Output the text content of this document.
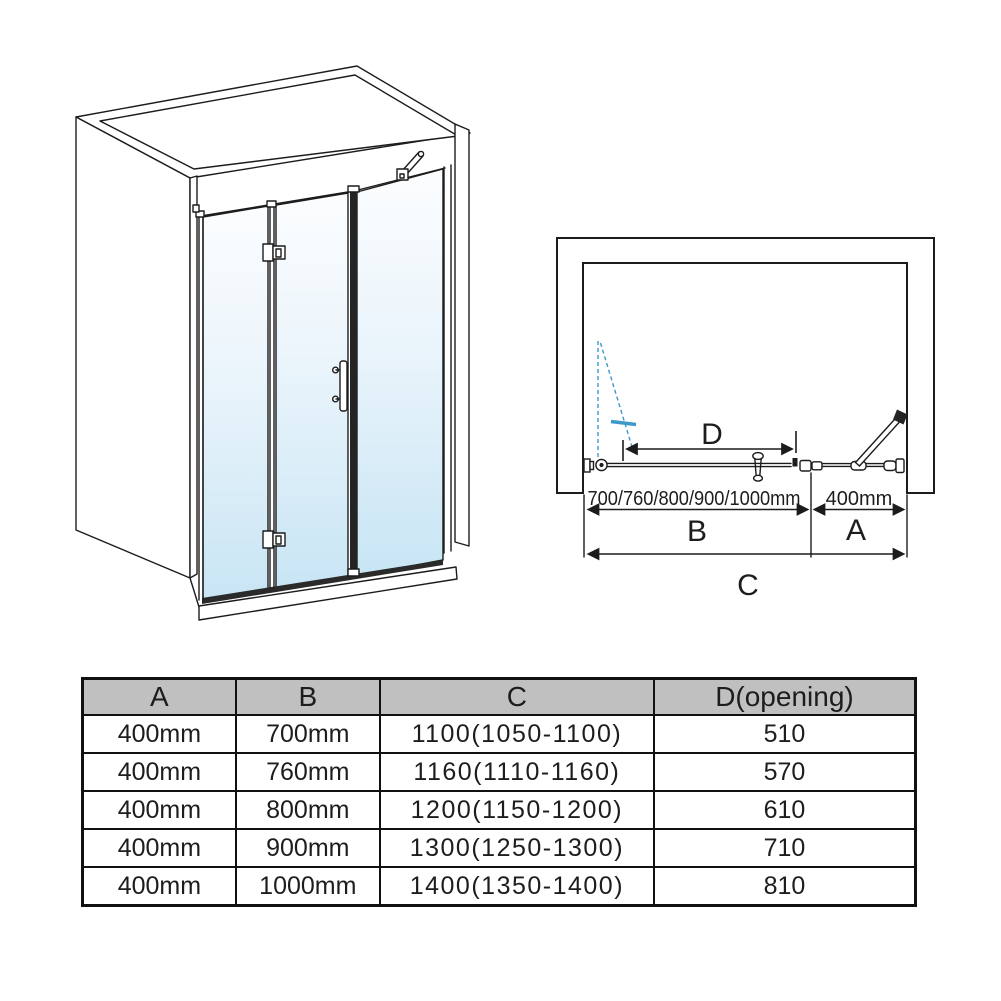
D
700/760/800/900/1000mm 400mm
B	A
C
A	B	C	D(opening)
400mm	700mm	1100(1050-1100)	510
400mm	760mm	1160(1110-1160)	570
400mm	800mm	1200(1150-1200)	610
400mm	900mm	1300(1250-1300)	710
400mm	1000mm	1400(1350-1400)	810
